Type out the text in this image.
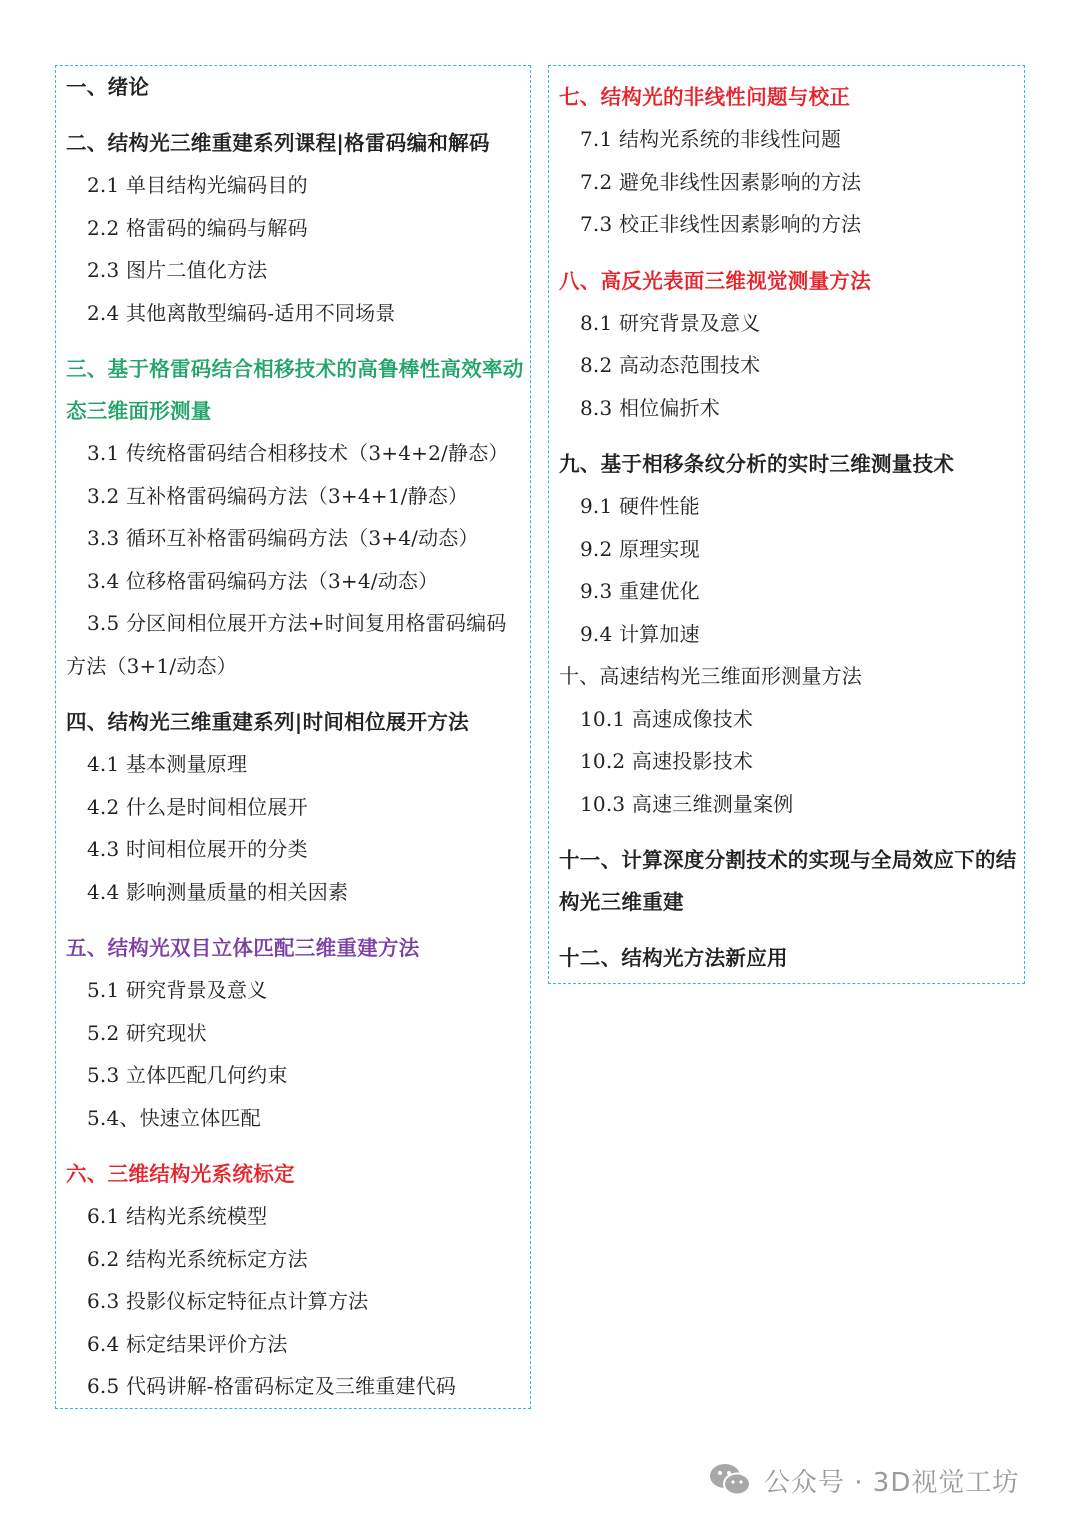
一、绪论

二、结构光三维重建系列课程|格雷码编和解码

2.1 单目结构光编码目的

2.2 格雷码的编码与解码

2.3 图片二值化方法

2.4 其他离散型编码-适用不同场景

三、基于格雷码结合相移技术的高鲁棒性高效率动态三维面形测量

3.1 传统格雷码结合相移技术（3+4+2/静态）

3.2 互补格雷码编码方法（3+4+1/静态）

3.3 循环互补格雷码编码方法（3+4/动态）

3.4 位移格雷码编码方法（3+4/动态）

3.5 分区间相位展开方法+时间复用格雷码编码方法（3+1/动态）

四、结构光三维重建系列|时间相位展开方法

4.1 基本测量原理

4.2 什么是时间相位展开

4.3 时间相位展开的分类

4.4 影响测量质量的相关因素

五、结构光双目立体匹配三维重建方法

5.1 研究背景及意义

5.2 研究现状

5.3 立体匹配几何约束

5.4、快速立体匹配

六、三维结构光系统标定

6.1 结构光系统模型

6.2 结构光系统标定方法

6.3 投影仪标定特征点计算方法

6.4 标定结果评价方法

6.5 代码讲解-格雷码标定及三维重建代码

七、结构光的非线性问题与校正

7.1 结构光系统的非线性问题

7.2 避免非线性因素影响的方法

7.3 校正非线性因素影响的方法

八、高反光表面三维视觉测量方法

8.1 研究背景及意义

8.2 高动态范围技术

8.3 相位偏折术

九、基于相移条纹分析的实时三维测量技术

9.1 硬件性能

9.2 原理实现

9.3 重建优化

9.4 计算加速

十、高速结构光三维面形测量方法

10.1 高速成像技术

10.2 高速投影技术

10.3 高速三维测量案例

十一、计算深度分割技术的实现与全局效应下的结构光三维重建

十二、结构光方法新应用

公众号 · 3D视觉工坊
